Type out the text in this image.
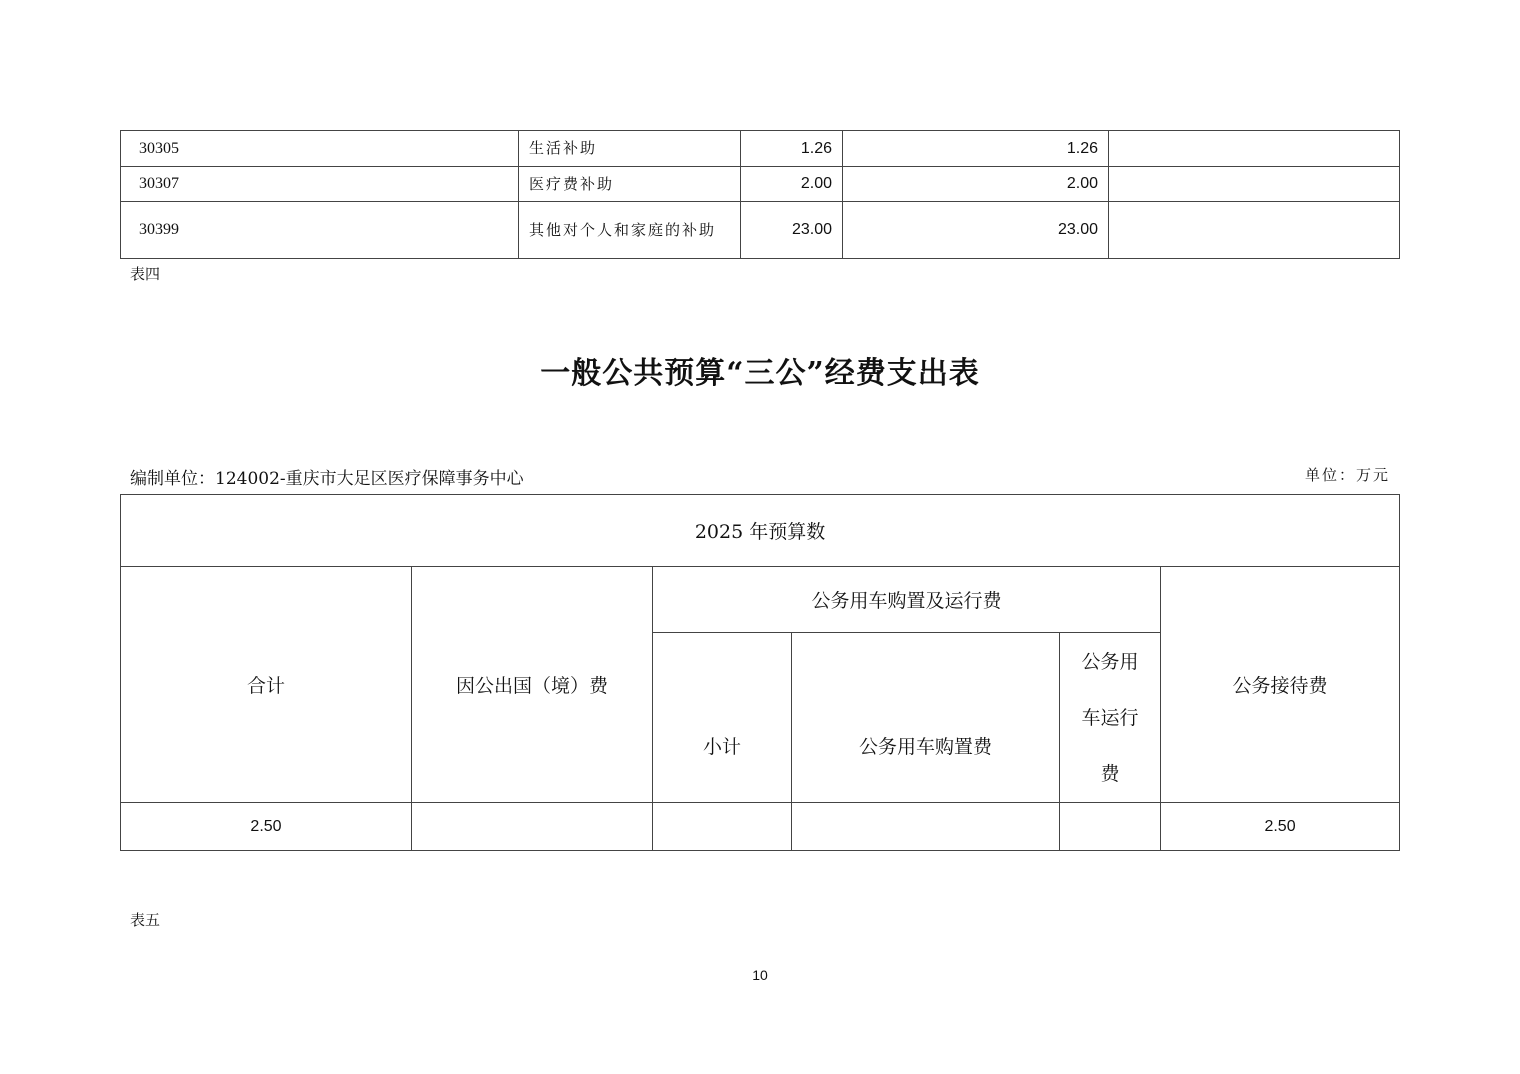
30305	生活补助	1.26	1.26	
30307	医疗费补助	2.00	2.00	
30399	其他对个人和家庭的补助	23.00	23.00	
表四
一般公共预算“三公”经费支出表
编制单位：124002-重庆市大足区医疗保障事务中心	单位：万元
2025 年预算数					
合计	因公出国（境）费	公务用车购置及运行费			公务接待费
		小计	公务用车购置费	公务用车运行费	

2.50					2.50
表五
10
